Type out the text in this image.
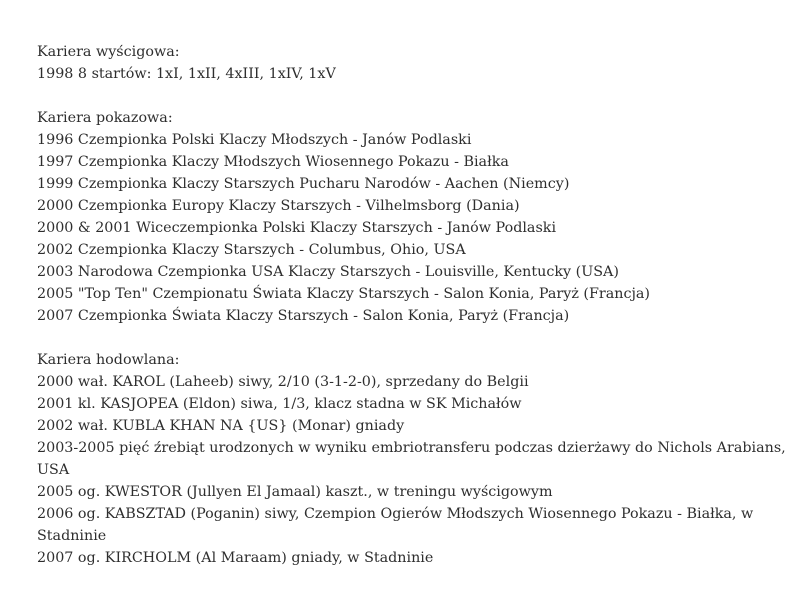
Kariera wyścigowa:
1998 8 startów: 1xI, 1xII, 4xIII, 1xIV, 1xV
Kariera pokazowa:
1996 Czempionka Polski Klaczy Młodszych - Janów Podlaski
1997 Czempionka Klaczy Młodszych Wiosennego Pokazu - Białka
1999 Czempionka Klaczy Starszych Pucharu Narodów - Aachen (Niemcy)
2000 Czempionka Europy Klaczy Starszych - Vilhelmsborg (Dania)
2000 & 2001 Wiceczempionka Polski Klaczy Starszych - Janów Podlaski
2002 Czempionka Klaczy Starszych - Columbus, Ohio, USA
2003 Narodowa Czempionka USA Klaczy Starszych - Louisville, Kentucky (USA)
2005 "Top Ten" Czempionatu Świata Klaczy Starszych - Salon Konia, Paryż (Francja)
2007 Czempionka Świata Klaczy Starszych - Salon Konia, Paryż (Francja)
Kariera hodowlana:
2000 wał. KAROL (Laheeb) siwy, 2/10 (3-1-2-0), sprzedany do Belgii
2001 kl. KASJOPEA (Eldon) siwa, 1/3, klacz stadna w SK Michałów
2002 wał. KUBLA KHAN NA {US} (Monar) gniady
2003-2005 pięć źrebiąt urodzonych w wyniku embriotransferu podczas dzierżawy do Nichols Arabians, USA
2005 og. KWESTOR (Jullyen El Jamaal) kaszt., w treningu wyścigowym
2006 og. KABSZTAD (Poganin) siwy, Czempion Ogierów Młodszych Wiosennego Pokazu - Białka, w Stadninie
2007 og. KIRCHOLM (Al Maraam) gniady, w Stadninie
